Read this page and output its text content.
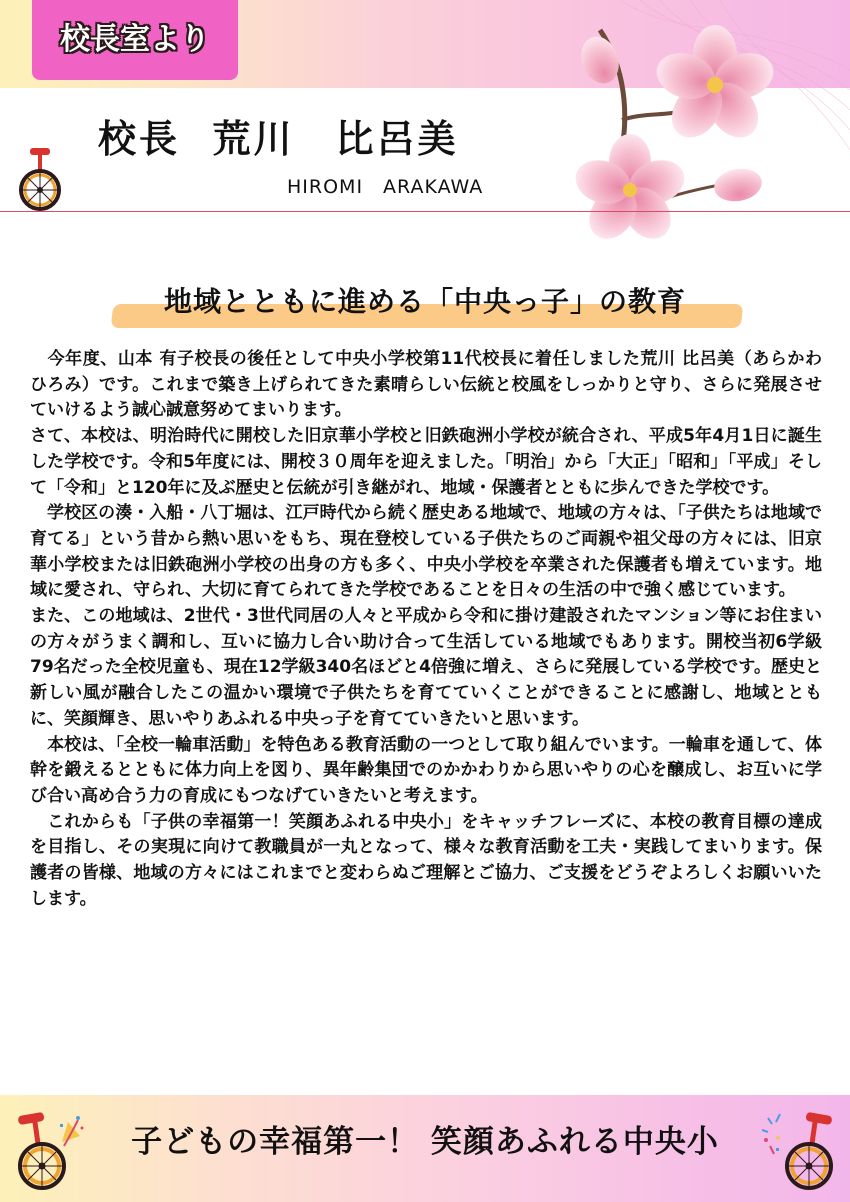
校長室より
校長  荒川　比呂美
HIROMI　ARAKAWA
地域とともに進める「中央っ子」の教育

　今年度、山本 有子校長の後任として中央小学校第11代校長に着任しました荒川 比呂美（あらかわ　ひろみ）です。これまで築き上げられてきた素晴らしい伝統と校風をしっかりと守り、さらに発展させていけるよう誠心誠意努めてまいります。

さて、本校は、明治時代に開校した旧京華小学校と旧鉄砲洲小学校が統合され、平成5年4月1日に誕生した学校です。令和5年度には、開校３０周年を迎えました。「明治」から「大正」「昭和」「平成」そして「令和」と120年に及ぶ歴史と伝統が引き継がれ、地域・保護者とともに歩んできた学校です。

　学校区の湊・入船・八丁堀は、江戸時代から続く歴史ある地域で、地域の方々は、「子供たちは地域で育てる」という昔から熱い思いをもち、現在登校している子供たちのご両親や祖父母の方々には、旧京華小学校または旧鉄砲洲小学校の出身の方も多く、中央小学校を卒業された保護者も増えています。地域に愛され、守られ、大切に育てられてきた学校であることを日々の生活の中で強く感じています。

また、この地域は、2世代・3世代同居の人々と平成から令和に掛け建設されたマンション等にお住まいの方々がうまく調和し、互いに協力し合い助け合って生活している地域でもあります。開校当初6学級79名だった全校児童も、現在12学級340名ほどと4倍強に増え、さらに発展している学校です。歴史と新しい風が融合したこの温かい環境で子供たちを育てていくことができることに感謝し、地域とともに、笑顔輝き、思いやりあふれる中央っ子を育てていきたいと思います。

　本校は、「全校一輪車活動」を特色ある教育活動の一つとして取り組んでいます。一輪車を通して、体幹を鍛えるとともに体力向上を図り、異年齢集団でのかかわりから思いやりの心を醸成し、お互いに学び合い高め合う力の育成にもつなげていきたいと考えます。

　これからも「子供の幸福第一！笑顔あふれる中央小」をキャッチフレーズに、本校の教育目標の達成を目指し、その実現に向けて教職員が一丸となって、様々な教育活動を工夫・実践してまいります。保護者の皆様、地域の方々にはこれまでと変わらぬご理解とご協力、ご支援をどうぞよろしくお願いいたします。

子どもの幸福第一！ 笑顔あふれる中央小
